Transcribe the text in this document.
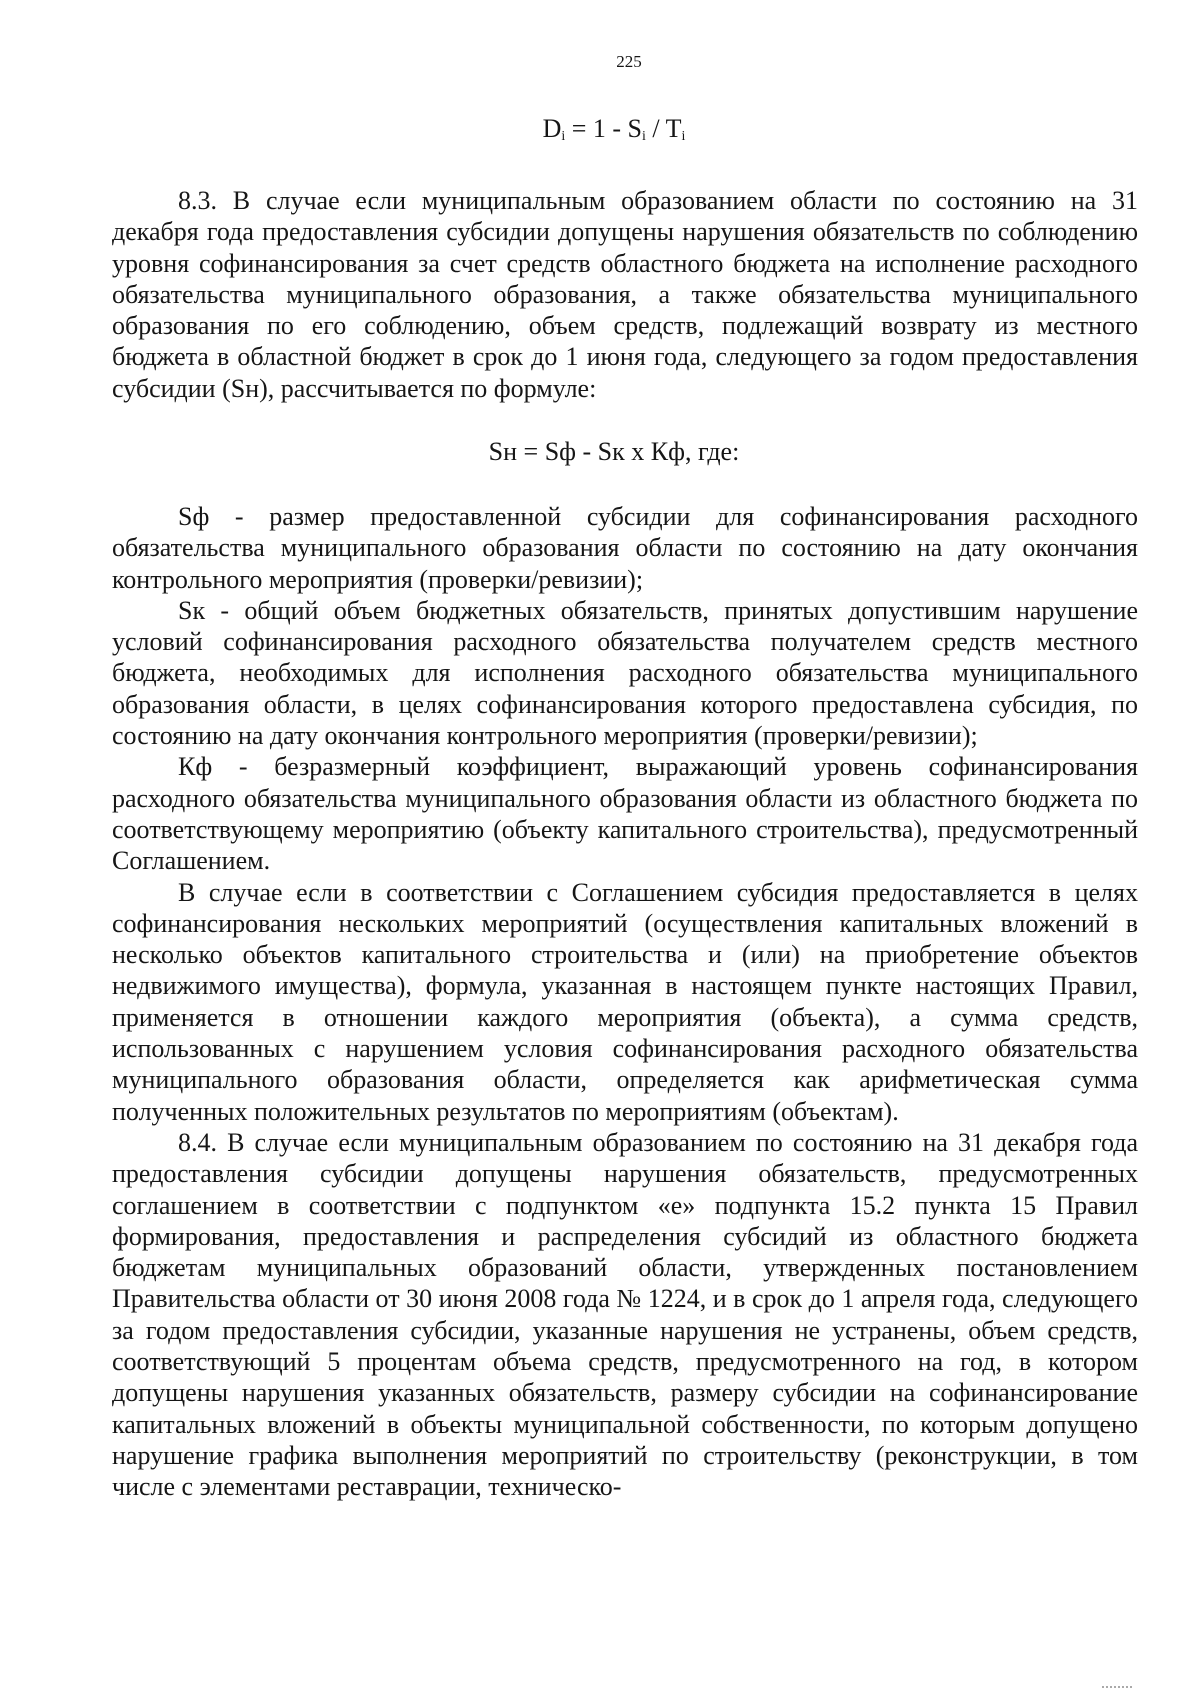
225
$D_i = 1 - S_i / T_i$

8.3. В случае если муниципальным образованием области по состоянию на 31 декабря года предоставления субсидии допущены нарушения обязательств по соблюдению уровня софинансирования за счет средств областного бюджета на исполнение расходного обязательства муниципального образования, а также обязательства муниципального образования по его соблюдению, объем средств, подлежащий возврату из местного бюджета в областной бюджет в срок до 1 июня года, следующего за годом предоставления субсидии (Sн), рассчитывается по формуле:

Sн = Sф - Sк x Кф, где:

Sф - размер предоставленной субсидии для софинансирования расходного обязательства муниципального образования области по состоянию на дату окончания контрольного мероприятия (проверки/ревизии);

Sк - общий объем бюджетных обязательств, принятых допустившим нарушение условий софинансирования расходного обязательства получателем средств местного бюджета, необходимых для исполнения расходного обязательства муниципального образования области, в целях софинансирования которого предоставлена субсидия, по состоянию на дату окончания контрольного мероприятия (проверки/ревизии);

Кф - безразмерный коэффициент, выражающий уровень софинансирования расходного обязательства муниципального образования области из областного бюджета по соответствующему мероприятию (объекту капитального строительства), предусмотренный Соглашением.

В случае если в соответствии с Соглашением субсидия предоставляется в целях софинансирования нескольких мероприятий (осуществления капитальных вложений в несколько объектов капитального строительства и (или) на приобретение объектов недвижимого имущества), формула, указанная в настоящем пункте настоящих Правил, применяется в отношении каждого мероприятия (объекта), а сумма средств, использованных с нарушением условия софинансирования расходного обязательства муниципального образования области, определяется как арифметическая сумма полученных положительных результатов по мероприятиям (объектам).

8.4. В случае если муниципальным образованием по состоянию на 31 декабря года предоставления субсидии допущены нарушения обязательств, предусмотренных соглашением в соответствии с подпунктом «е» подпункта 15.2 пункта 15 Правил формирования, предоставления и распределения субсидий из областного бюджета бюджетам муниципальных образований области, утвержденных постановлением Правительства области от 30 июня 2008 года № 1224, и в срок до 1 апреля года, следующего за годом предоставления субсидии, указанные нарушения не устранены, объем средств, соответствующий 5 процентам объема средств, предусмотренного на год, в котором допущены нарушения указанных обязательств, размеру субсидии на софинансирование капитальных вложений в объекты муниципальной собственности, по которым допущено нарушение графика выполнения мероприятий по строительству (реконструкции, в том числе с элементами реставрации, техническо-
